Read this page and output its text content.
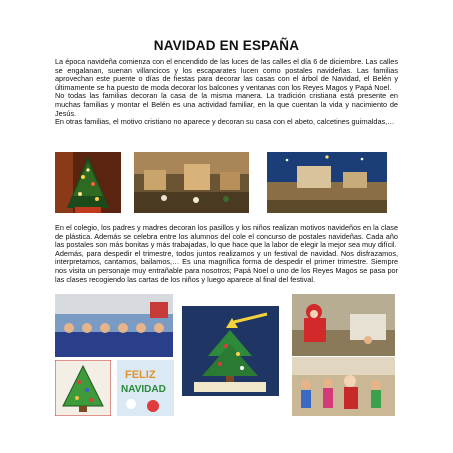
NAVIDAD EN ESPAÑA
La época navideña comienza con el encendido de las luces de las calles el día 6 de diciembre. Las calles se engalanan, suenan villancicos y los escaparates lucen como postales navideñas. Las familias aprovechan este puente o días de fiestas para decorar las casas con el árbol de Navidad, el Belén y últimamente se ha puesto de moda decorar los balcones y ventanas con los Reyes Magos y Papá Noel.
No todas las familias decoran la casa de la misma manera. La tradición cristiana está presente en muchas familias y montar el Belén es una actividad familiar, en la que cuentan la vida y nacimiento de Jesús.
En otras familias, el motivo cristiano no aparece y decoran su casa con el abeto, calcetines guirnaldas,…
En el colegio, los padres y madres decoran los pasillos y los niños realizan motivos navideños en la clase de plástica. Además se celebra entre los alumnos del cole el concurso de postales navideñas. Cada año las postales son más bonitas y más trabajadas, lo que hace que la labor de elegir la mejor sea muy difícil.
Además, para despedir el trimestre, todos juntos realizamos y un festival de navidad. Nos disfrazamos, interpretamos, cantamos, bailamos,… Es una magnífica forma de despedir el primer trimestre. Siempre nos visita un personaje muy entrañable para nosotros; Papá Noel o uno de los Reyes Magos se pasa por las clases recogiendo las cartas de los niños y luego aparece al final del festival.
FELIZ
NAVIDAD
